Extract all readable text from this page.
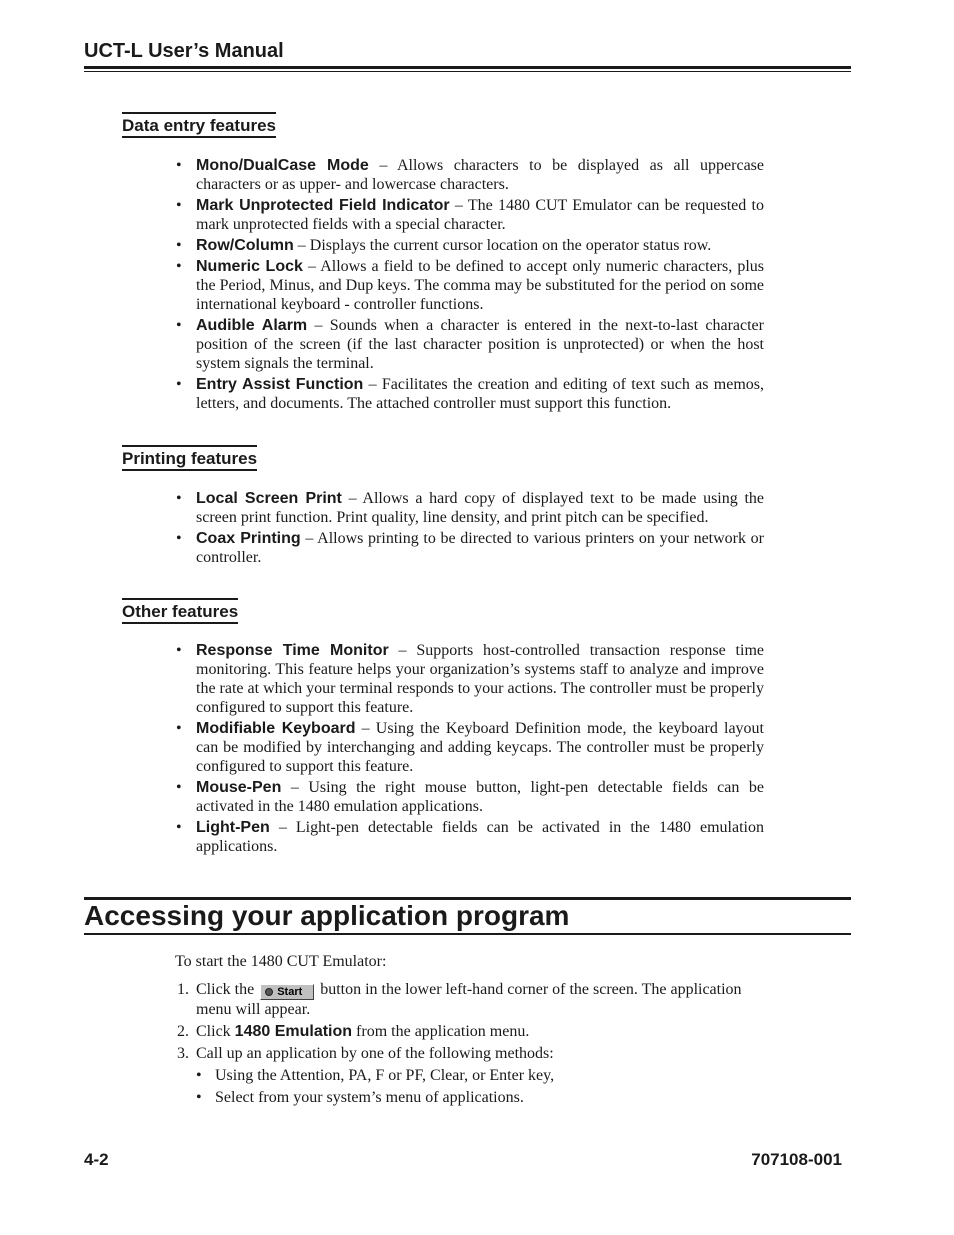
UCT-L User’s Manual
Data entry features
• Mono/DualCase Mode – Allows characters to be displayed as all uppercase characters or as upper- and lowercase characters.
• Mark Unprotected Field Indicator – The 1480 CUT Emulator can be requested to mark unprotected fields with a special character.
• Row/Column – Displays the current cursor location on the operator status row.
• Numeric Lock – Allows a field to be defined to accept only numeric characters, plus the Period, Minus, and Dup keys. The comma may be substituted for the period on some international keyboard - controller functions.
• Audible Alarm – Sounds when a character is entered in the next-to-last character position of the screen (if the last character position is unprotected) or when the host system signals the terminal.
• Entry Assist Function – Facilitates the creation and editing of text such as memos, letters, and documents. The attached controller must support this function.
Printing features
• Local Screen Print – Allows a hard copy of displayed text to be made using the screen print function. Print quality, line density, and print pitch can be specified.
• Coax Printing – Allows printing to be directed to various printers on your network or controller.
Other features
• Response Time Monitor – Supports host-controlled transaction response time monitoring. This feature helps your organization’s systems staff to analyze and improve the rate at which your terminal responds to your actions. The controller must be properly configured to support this feature.
• Modifiable Keyboard – Using the Keyboard Definition mode, the keyboard layout can be modified by interchanging and adding keycaps. The controller must be properly configured to support this feature.
• Mouse-Pen – Using the right mouse button, light-pen detectable fields can be activated in the 1480 emulation applications.
• Light-Pen – Light-pen detectable fields can be activated in the 1480 emulation applications.
Accessing your application program
To start the 1480 CUT Emulator:
1. Click the Start button in the lower left-hand corner of the screen. The application menu will appear.
2. Click 1480 Emulation from the application menu.
3. Call up an application by one of the following methods:
• Using the Attention, PA, F or PF, Clear, or Enter key,
• Select from your system’s menu of applications.
4-2	707108-001
